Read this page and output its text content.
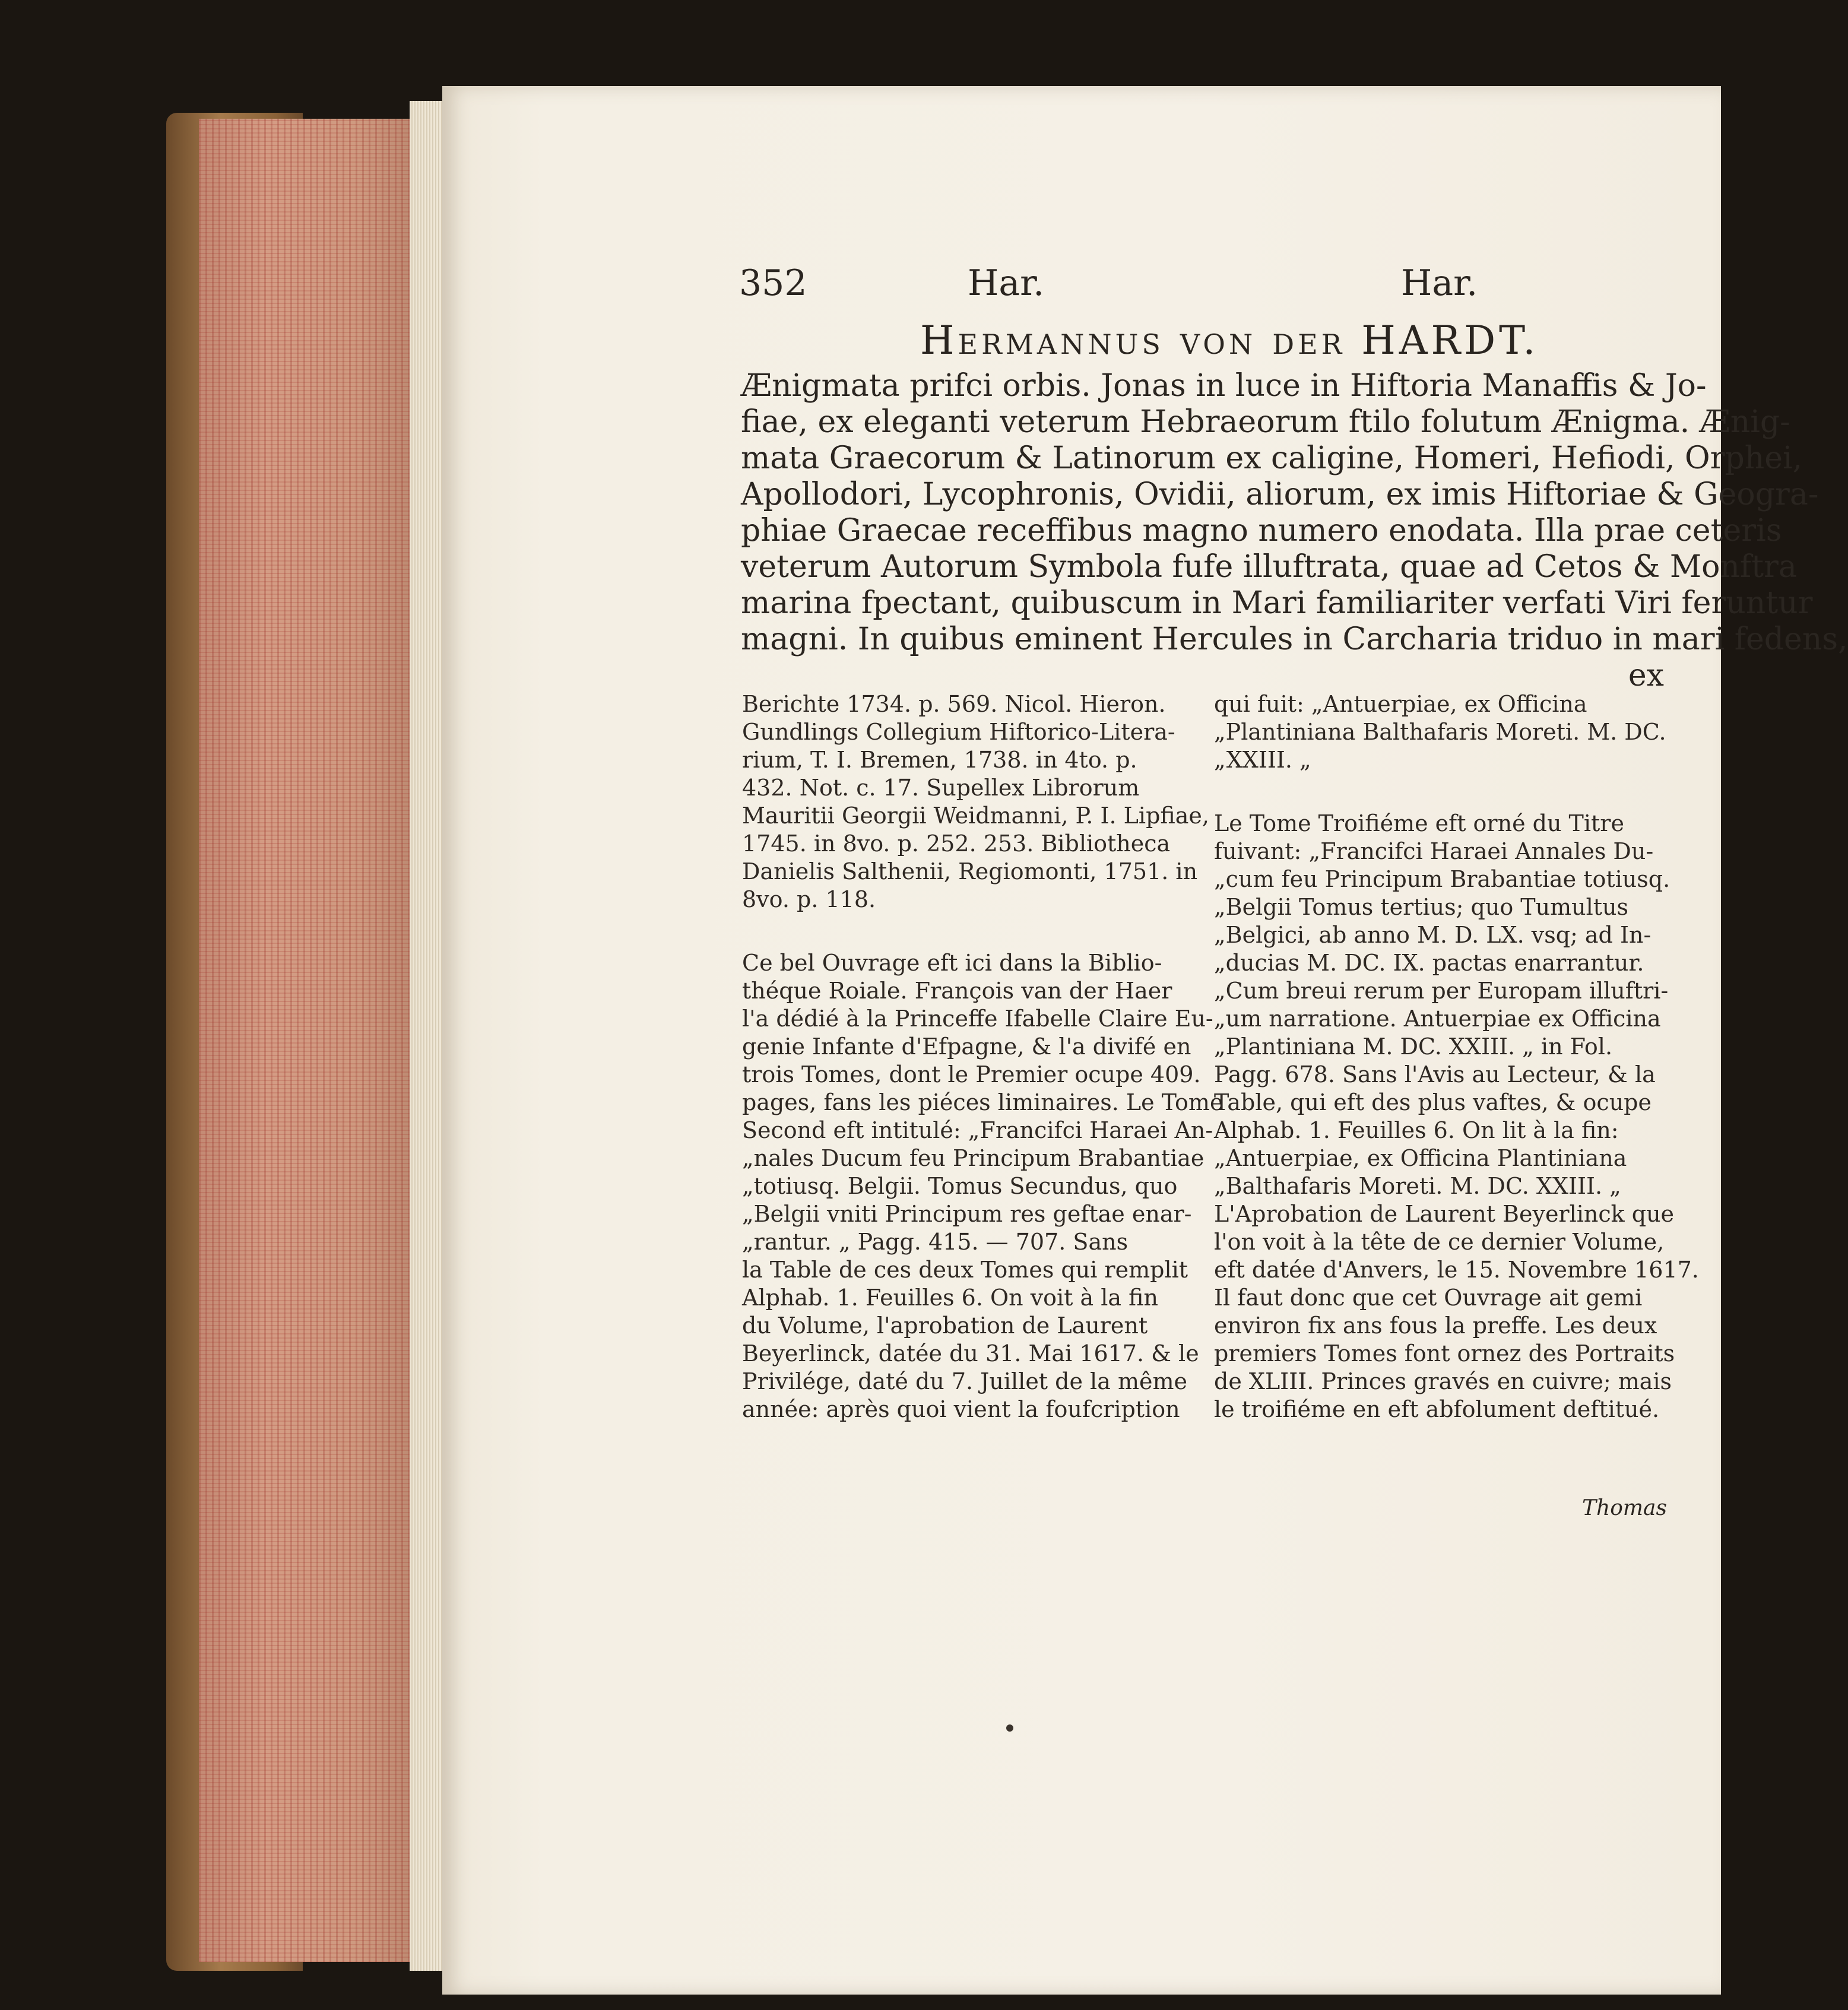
352	Har.	Har.

Hermannus von der HARDT.

Ænigmata prifci orbis. Jonas in luce in Hiftoria Manaffis & Jo-
fiae, ex eleganti veterum Hebraeorum ftilo folutum Ænigma. Ænig-
mata Graecorum & Latinorum ex caligine, Homeri, Hefiodi, Orphei,
Apollodori, Lycophronis, Ovidii, aliorum, ex imis Hiftoriae & Geogra-
phiae Graecae receffibus magno numero enodata. Illa prae ceteris
veterum Autorum Symbola fufe illuftrata, quae ad Cetos & Monftra
marina fpectant, quibuscum in Mari familiariter verfati Viri feruntur
magni. In quibus eminent Hercules in Carcharia triduo in mari fedens,
ex
Berichte 1734. p. 569. Nicol. Hieron.
Gundlings Collegium Hiftorico-Litera-
rium, T. I. Bremen, 1738. in 4to. p.
432. Not. c. 17. Supellex Librorum
Mauritii Georgii Weidmanni, P. I. Lipfiae,
1745. in 8vo. p. 252. 253. Bibliotheca
Danielis Salthenii, Regiomonti, 1751. in
8vo. p. 118.
Ce bel Ouvrage eft ici dans la Biblio-
théque Roiale. François van der Haer
l'a dédié à la Princeffe Ifabelle Claire Eu-
genie Infante d'Efpagne, & l'a divifé en
trois Tomes, dont le Premier ocupe 409.
pages, fans les piéces liminaires. Le Tome
Second eft intitulé: „Francifci Haraei An-
„nales Ducum feu Principum Brabantiae
„totiusq. Belgii. Tomus Secundus, quo
„Belgii vniti Principum res geftae enar-
„rantur. „ Pagg. 415. — 707. Sans
la Table de ces deux Tomes qui remplit
Alphab. 1. Feuilles 6. On voit à la fin
du Volume, l'aprobation de Laurent
Beyerlinck, datée du 31. Mai 1617. & le
Privilége, daté du 7. Juillet de la même
année: après quoi vient la foufcription
qui fuit: „Antuerpiae, ex Officina
„Plantiniana Balthafaris Moreti. M. DC.
„XXIII. „
Le Tome Troifiéme eft orné du Titre
fuivant: „Francifci Haraei Annales Du-
„cum feu Principum Brabantiae totiusq.
„Belgii Tomus tertius; quo Tumultus
„Belgici, ab anno M. D. LX. vsq; ad In-
„ducias M. DC. IX. pactas enarrantur.
„Cum breui rerum per Europam illuftri-
„um narratione. Antuerpiae ex Officina
„Plantiniana M. DC. XXIII. „ in Fol.
Pagg. 678. Sans l'Avis au Lecteur, & la
Table, qui eft des plus vaftes, & ocupe
Alphab. 1. Feuilles 6. On lit à la fin:
„Antuerpiae, ex Officina Plantiniana
„Balthafaris Moreti. M. DC. XXIII. „
L'Aprobation de Laurent Beyerlinck que
l'on voit à la tête de ce dernier Volume,
eft datée d'Anvers, le 15. Novembre 1617.
Il faut donc que cet Ouvrage ait gemi
environ fix ans fous la preffe. Les deux
premiers Tomes font ornez des Portraits
de XLIII. Princes gravés en cuivre; mais
le troifiéme en eft abfolument deftitué.

Thomas
